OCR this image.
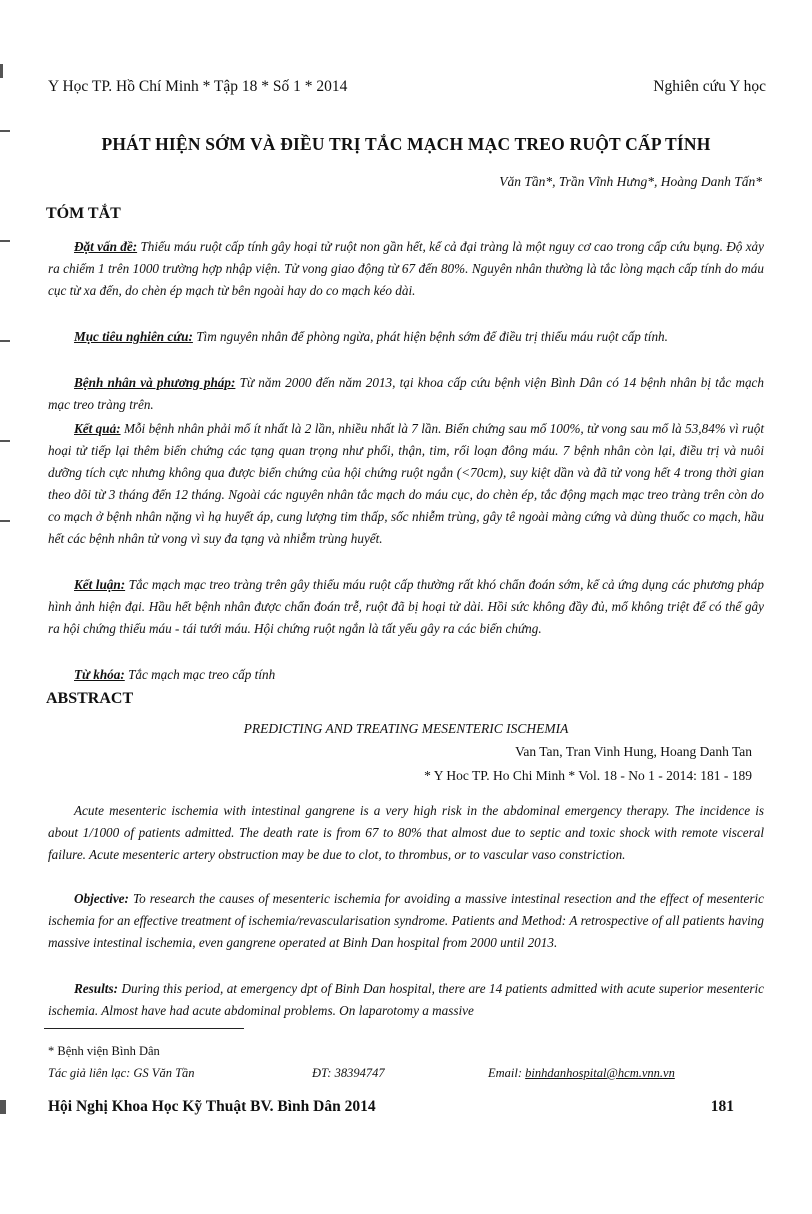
Y Học TP. Hồ Chí Minh * Tập 18 * Số 1 * 2014	Nghiên cứu Y học
PHÁT HIỆN SỚM VÀ ĐIỀU TRỊ TẮC MẠCH MẠC TREO RUỘT CẤP TÍNH
Văn Tần*, Trần Vĩnh Hưng*, Hoàng Danh Tấn*
TÓM TẮT

Đặt vấn đề: Thiếu máu ruột cấp tính gây hoại tử ruột non gần hết, kể cả đại tràng là một nguy cơ cao trong cấp cứu bụng. Độ xảy ra chiếm 1 trên 1000 trường hợp nhập viện. Tử vong giao động từ 67 đến 80%. Nguyên nhân thường là tắc lòng mạch cấp tính do máu cục từ xa đến, do chèn ép mạch từ bên ngoài hay do co mạch kéo dài.

Mục tiêu nghiên cứu: Tìm nguyên nhân để phòng ngừa, phát hiện bệnh sớm để điều trị thiếu máu ruột cấp tính.

Bệnh nhân và phương pháp: Từ năm 2000 đến năm 2013, tại khoa cấp cứu bệnh viện Bình Dân có 14 bệnh nhân bị tắc mạch mạc treo tràng trên.

Kết quả: Mỗi bệnh nhân phải mổ ít nhất là 2 lần, nhiều nhất là 7 lần. Biến chứng sau mổ 100%, tử vong sau mổ là 53,84% vì ruột hoại tử tiếp lại thêm biến chứng các tạng quan trọng như phổi, thận, tim, rối loạn đông máu. 7 bệnh nhân còn lại, điều trị và nuôi dưỡng tích cực nhưng không qua được biến chứng của hội chứng ruột ngắn (<70cm), suy kiệt dần và đã tử vong hết 4 trong thời gian theo dõi từ 3 tháng đến 12 tháng. Ngoài các nguyên nhân tắc mạch do máu cục, do chèn ép, tắc động mạch mạc treo tràng trên còn do co mạch ở bệnh nhân nặng vì hạ huyết áp, cung lượng tim thấp, sốc nhiễm trùng, gây tê ngoài màng cứng và dùng thuốc co mạch, hầu hết các bệnh nhân tử vong vì suy đa tạng và nhiễm trùng huyết.

Kết luận: Tắc mạch mạc treo tràng trên gây thiếu máu ruột cấp thường rất khó chẩn đoán sớm, kể cả ứng dụng các phương pháp hình ảnh hiện đại. Hầu hết bệnh nhân được chẩn đoán trễ, ruột đã bị hoại tử dài. Hồi sức không đầy đủ, mổ không triệt để có thể gây ra hội chứng thiếu máu - tái tưới máu. Hội chứng ruột ngắn là tất yếu gây ra các biến chứng.

Từ khóa: Tắc mạch mạc treo cấp tính

ABSTRACT
PREDICTING AND TREATING MESENTERIC ISCHEMIA
Van Tan, Tran Vinh Hung, Hoang Danh Tan
* Y Hoc TP. Ho Chi Minh * Vol. 18 - No 1 - 2014: 181 - 189

Acute mesenteric ischemia with intestinal gangrene is a very high risk in the abdominal emergency therapy. The incidence is about 1/1000 of patients admitted. The death rate is from 67 to 80% that almost due to septic and toxic shock with remote visceral failure. Acute mesenteric artery obstruction may be due to clot, to thrombus, or to vascular vaso constriction.

Objective: To research the causes of mesenteric ischemia for avoiding a massive intestinal resection and the effect of mesenteric ischemia for an effective treatment of ischemia/revascularisation syndrome. Patients and Method: A retrospective of all patients having massive intestinal ischemia, even gangrene operated at Binh Dan hospital from 2000 until 2013.

Results: During this period, at emergency dpt of Binh Dan hospital, there are 14 patients admitted with acute superior mesenteric ischemia. Almost have had acute abdominal problems. On laparotomy a massive

* Bệnh viện Bình Dân
Tác giả liên lạc: GS Văn Tần	ĐT: 38394747	Email: binhdanhospital@hcm.vnn.vn
Hội Nghị Khoa Học Kỹ Thuật BV. Bình Dân 2014	181
